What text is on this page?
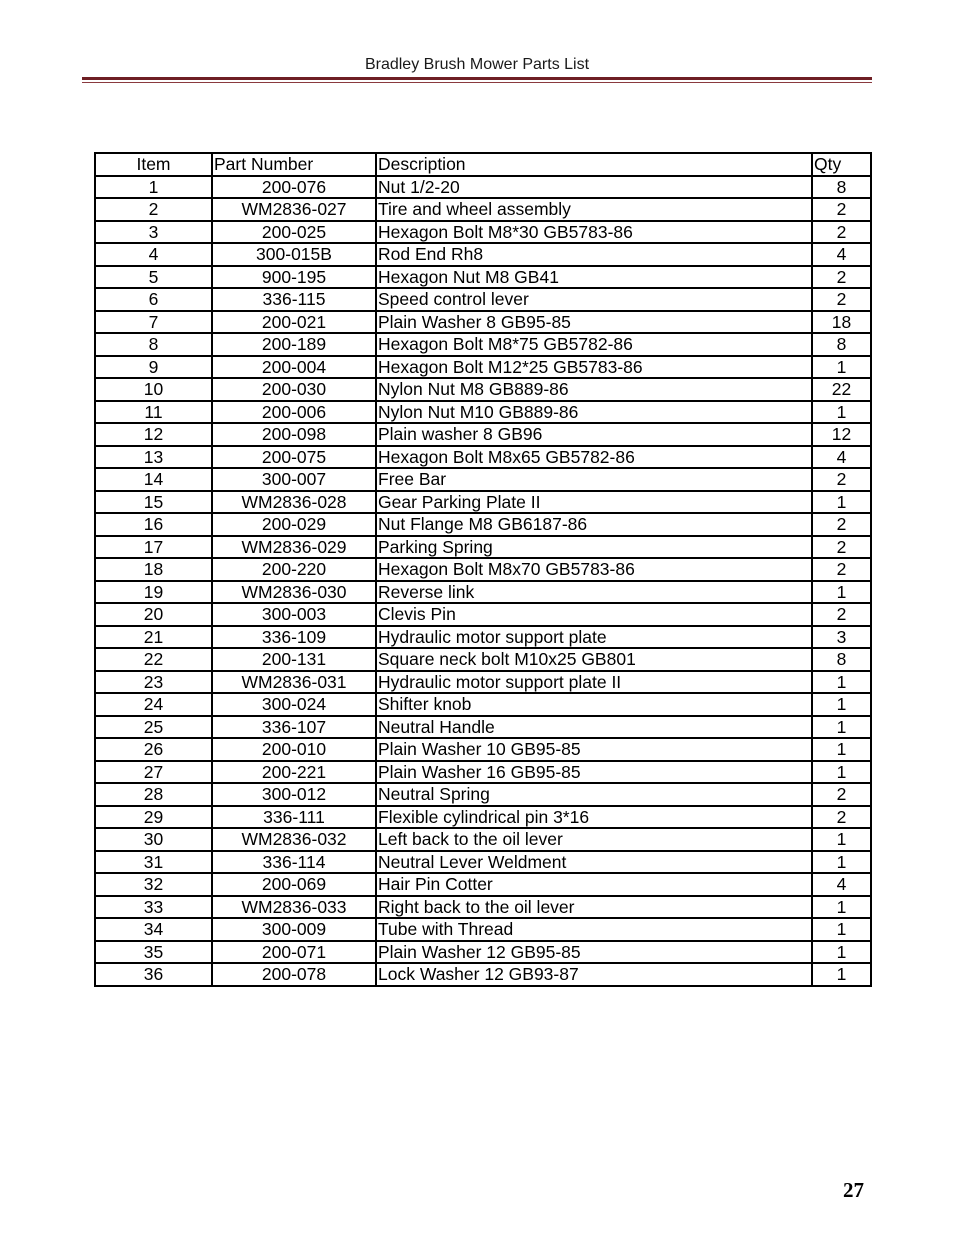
Bradley Brush Mower Parts List
Item	Part Number	Description	Qty
1	200-076	Nut 1/2-20	8
2	WM2836-027	Tire and wheel assembly	2
3	200-025	Hexagon Bolt M8*30 GB5783-86	2
4	300-015B	Rod End Rh8	4
5	900-195	Hexagon Nut M8 GB41	2
6	336-115	Speed control lever	2
7	200-021	Plain Washer 8 GB95-85	18
8	200-189	Hexagon Bolt M8*75 GB5782-86	8
9	200-004	Hexagon Bolt M12*25 GB5783-86	1
10	200-030	Nylon Nut M8 GB889-86	22
11	200-006	Nylon Nut M10 GB889-86	1
12	200-098	Plain washer 8 GB96	12
13	200-075	Hexagon Bolt M8x65 GB5782-86	4
14	300-007	Free Bar	2
15	WM2836-028	Gear Parking Plate II	1
16	200-029	Nut Flange M8 GB6187-86	2
17	WM2836-029	Parking Spring	2
18	200-220	Hexagon Bolt M8x70 GB5783-86	2
19	WM2836-030	Reverse link	1
20	300-003	Clevis Pin	2
21	336-109	Hydraulic motor support plate	3
22	200-131	Square neck bolt M10x25 GB801	8
23	WM2836-031	Hydraulic motor support plate II	1
24	300-024	Shifter knob	1
25	336-107	Neutral Handle	1
26	200-010	Plain Washer 10 GB95-85	1
27	200-221	Plain Washer 16 GB95-85	1
28	300-012	Neutral Spring	2
29	336-111	Flexible cylindrical pin 3*16	2
30	WM2836-032	Left back to the oil lever	1
31	336-114	Neutral Lever Weldment	1
32	200-069	Hair Pin Cotter	4
33	WM2836-033	Right back to the oil lever	1
34	300-009	Tube with Thread	1
35	200-071	Plain Washer 12 GB95-85	1
36	200-078	Lock Washer 12 GB93-87	1
27
